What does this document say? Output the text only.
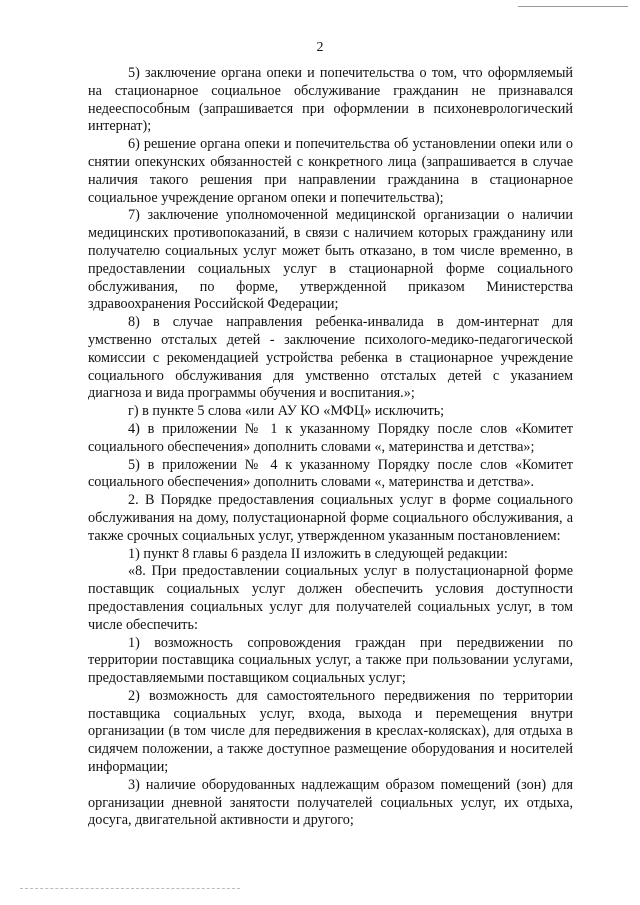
2

5) заключение органа опеки и попечительства о том, что оформляемый на стационарное социальное обслуживание гражданин не признавался недееспособным (запрашивается при оформлении в психоневрологический интернат);

6) решение органа опеки и попечительства об установлении опеки или о снятии опекунских обязанностей с конкретного лица (запрашивается в случае наличия такого решения при направлении гражданина в стационарное социальное учреждение органом опеки и попечительства);

7) заключение уполномоченной медицинской организации о наличии медицинских противопоказаний, в связи с наличием которых гражданину или получателю социальных услуг может быть отказано, в том числе временно, в предоставлении социальных услуг в стационарной форме социального обслуживания, по форме, утвержденной приказом Министерства здравоохранения Российской Федерации;

8) в случае направления ребенка-инвалида в дом-интернат для умственно отсталых детей - заключение психолого-медико-педагогической комиссии с рекомендацией устройства ребенка в стационарное учреждение социального обслуживания для умственно отсталых детей с указанием диагноза и вида программы обучения и воспитания.»;

г) в пункте 5 слова «или АУ КО «МФЦ» исключить;

4) в приложении № 1 к указанному Порядку после слов «Комитет социального обеспечения» дополнить словами «, материнства и детства»;

5) в приложении № 4 к указанному Порядку после слов «Комитет социального обеспечения» дополнить словами «, материнства и детства».

2. В Порядке предоставления социальных услуг в форме социального обслуживания на дому, полустационарной форме социального обслуживания, а также срочных социальных услуг, утвержденном указанным постановлением:

1) пункт 8 главы 6 раздела II изложить в следующей редакции:

«8. При предоставлении социальных услуг в полустационарной форме поставщик социальных услуг должен обеспечить условия доступности предоставления социальных услуг для получателей социальных услуг, в том числе обеспечить:

1) возможность сопровождения граждан при передвижении по территории поставщика социальных услуг, а также при пользовании услугами, предоставляемыми поставщиком социальных услуг;

2) возможность для самостоятельного передвижения по территории поставщика социальных услуг, входа, выхода и перемещения внутри организации (в том числе для передвижения в креслах-колясках), для отдыха в сидячем положении, а также доступное размещение оборудования и носителей информации;

3) наличие оборудованных надлежащим образом помещений (зон) для организации дневной занятости получателей социальных услуг, их отдыха, досуга, двигательной активности и другого;
